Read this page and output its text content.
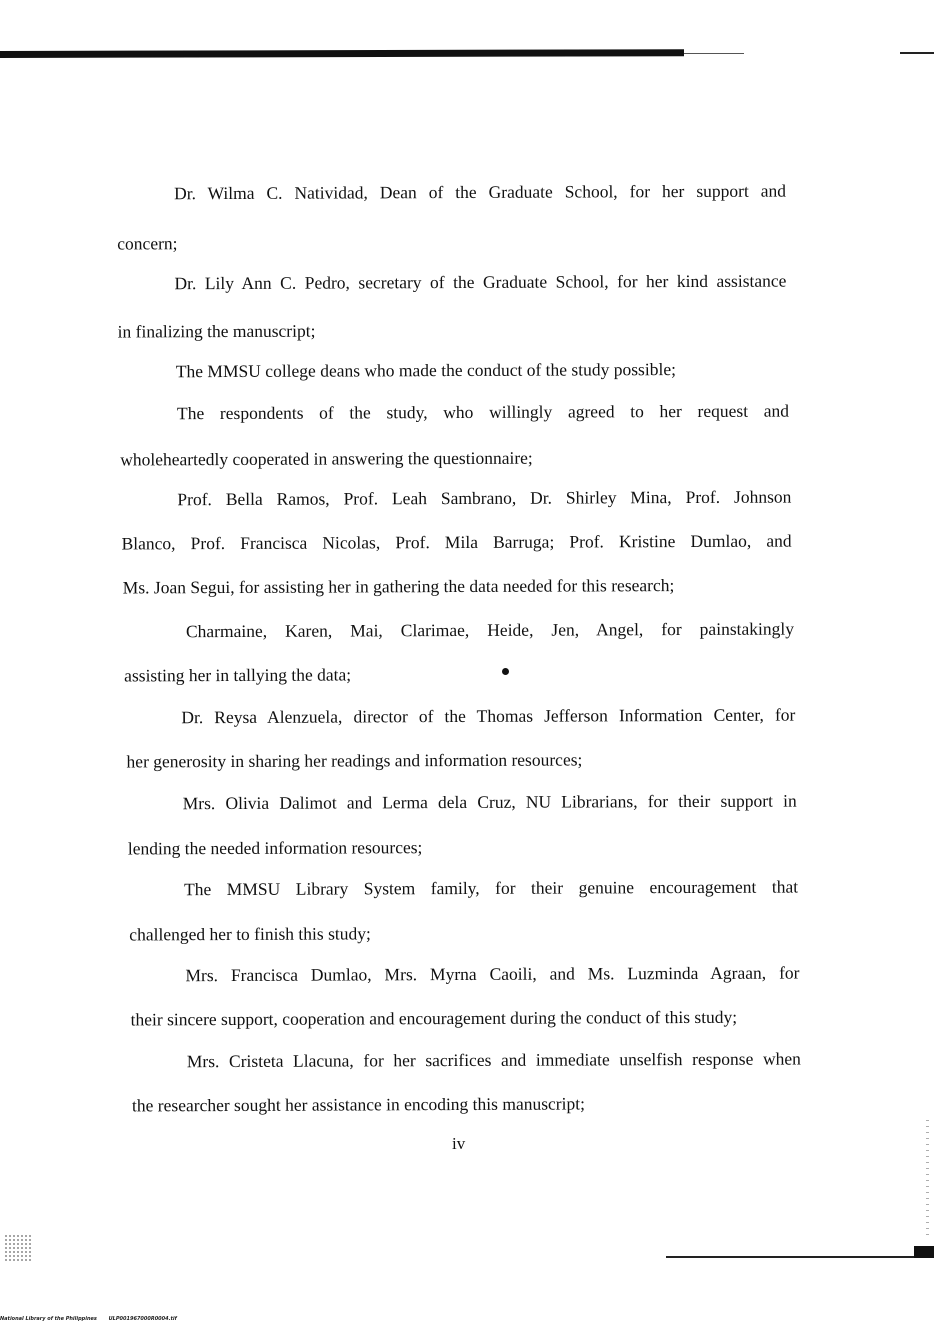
Dr. Wilma C. Natividad, Dean of the Graduate School, for her support and
concern;
Dr. Lily Ann C. Pedro, secretary of the Graduate School, for her kind assistance
in finalizing the manuscript;
The MMSU college deans who made the conduct of the study possible;
The respondents of the study, who willingly agreed to her request and
wholeheartedly cooperated in answering the questionnaire;
Prof. Bella Ramos, Prof. Leah Sambrano, Dr. Shirley Mina, Prof. Johnson
Blanco, Prof. Francisca Nicolas, Prof. Mila Barruga; Prof. Kristine Dumlao, and
Ms. Joan Segui, for assisting her in gathering the data needed for this research;
Charmaine, Karen, Mai, Clarimae, Heide, Jen, Angel, for painstakingly
assisting her in tallying the data;
Dr. Reysa Alenzuela, director of the Thomas Jefferson Information Center, for
her generosity in sharing her readings and information resources;
Mrs. Olivia Dalimot and Lerma dela Cruz, NU Librarians, for their support in
lending the needed information resources;
The MMSU Library System family, for their genuine encouragement that
challenged her to finish this study;
Mrs. Francisca Dumlao, Mrs. Myrna Caoili, and Ms. Luzminda Agraan, for
their sincere support, cooperation and encouragement during the conduct of this study;
Mrs. Cristeta Llacuna, for her sacrifices and immediate unselfish response when
the researcher sought her assistance in encoding this manuscript;
iv
National Library of the Philippines ULP001967000R0004.tif
